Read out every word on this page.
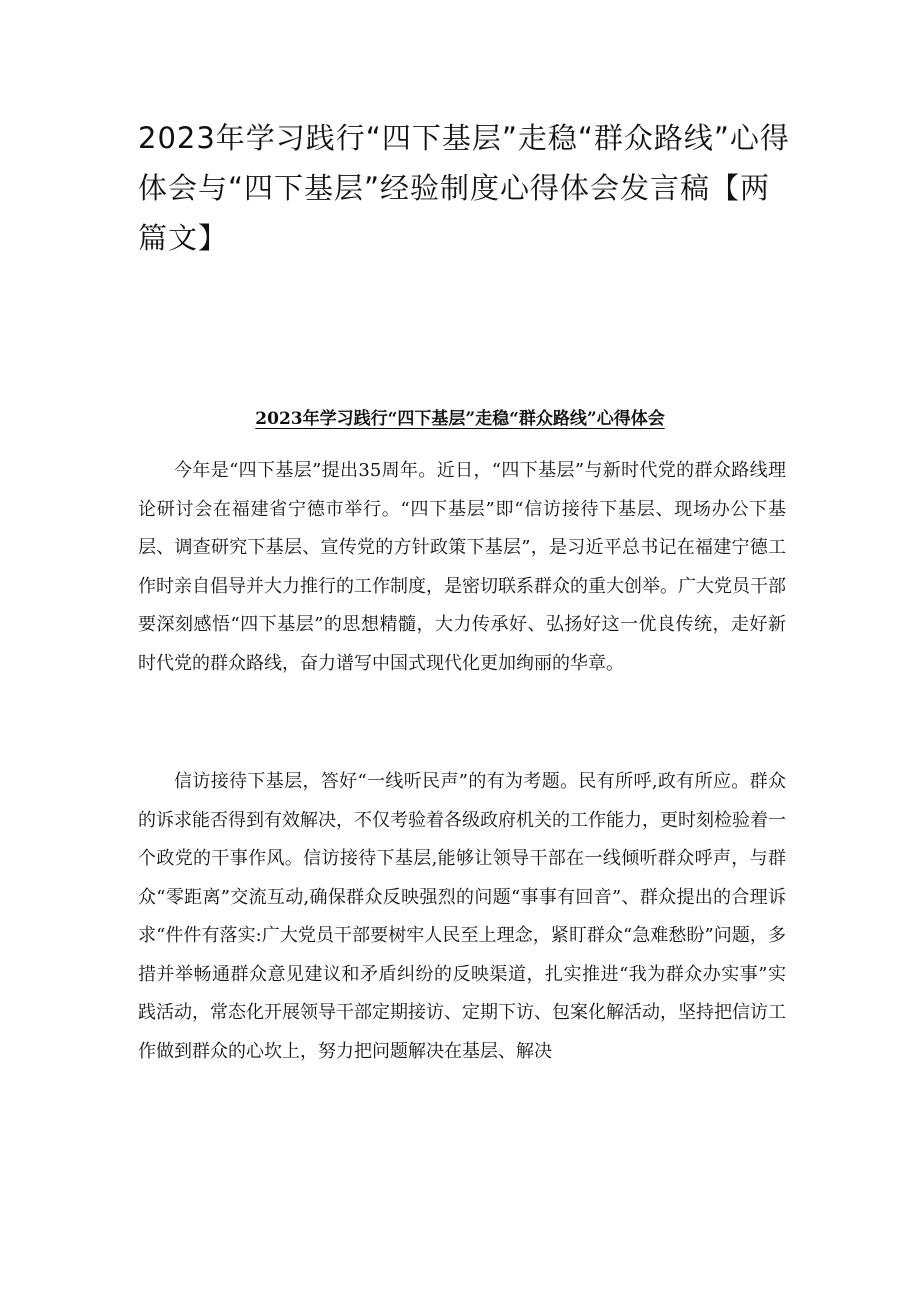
2023年学习践行“四下基层”走稳“群众路线”心得体会与“四下基层”经验制度心得体会发言稿【两篇文】
2023年学习践行“四下基层”走稳“群众路线”心得体会

今年是“四下基层”提出35周年。近日，“四下基层”与新时代党的群众路线理论研讨会在福建省宁德市举行。“四下基层”即“信访接待下基层、现场办公下基层、调查研究下基层、宣传党的方针政策下基层”，是习近平总书记在福建宁德工作时亲自倡导并大力推行的工作制度，是密切联系群众的重大创举。广大党员干部要深刻感悟“四下基层”的思想精髓，大力传承好、弘扬好这一优良传统，走好新时代党的群众路线，奋力谱写中国式现代化更加绚丽的华章。

信访接待下基层，答好“一线听民声”的有为考题。民有所呼,政有所应。群众的诉求能否得到有效解决，不仅考验着各级政府机关的工作能力，更时刻检验着一个政党的干事作风。信访接待下基层,能够让领导干部在一线倾听群众呼声，与群众“零距离”交流互动,确保群众反映强烈的问题“事事有回音”、群众提出的合理诉求“件件有落实:广大党员干部要树牢人民至上理念，紧盯群众“急难愁盼”问题，多措并举畅通群众意见建议和矛盾纠纷的反映渠道，扎实推进“我为群众办实事”实践活动，常态化开展领导干部定期接访、定期下访、包案化解活动，坚持把信访工作做到群众的心坎上，努力把问题解决在基层、解决
